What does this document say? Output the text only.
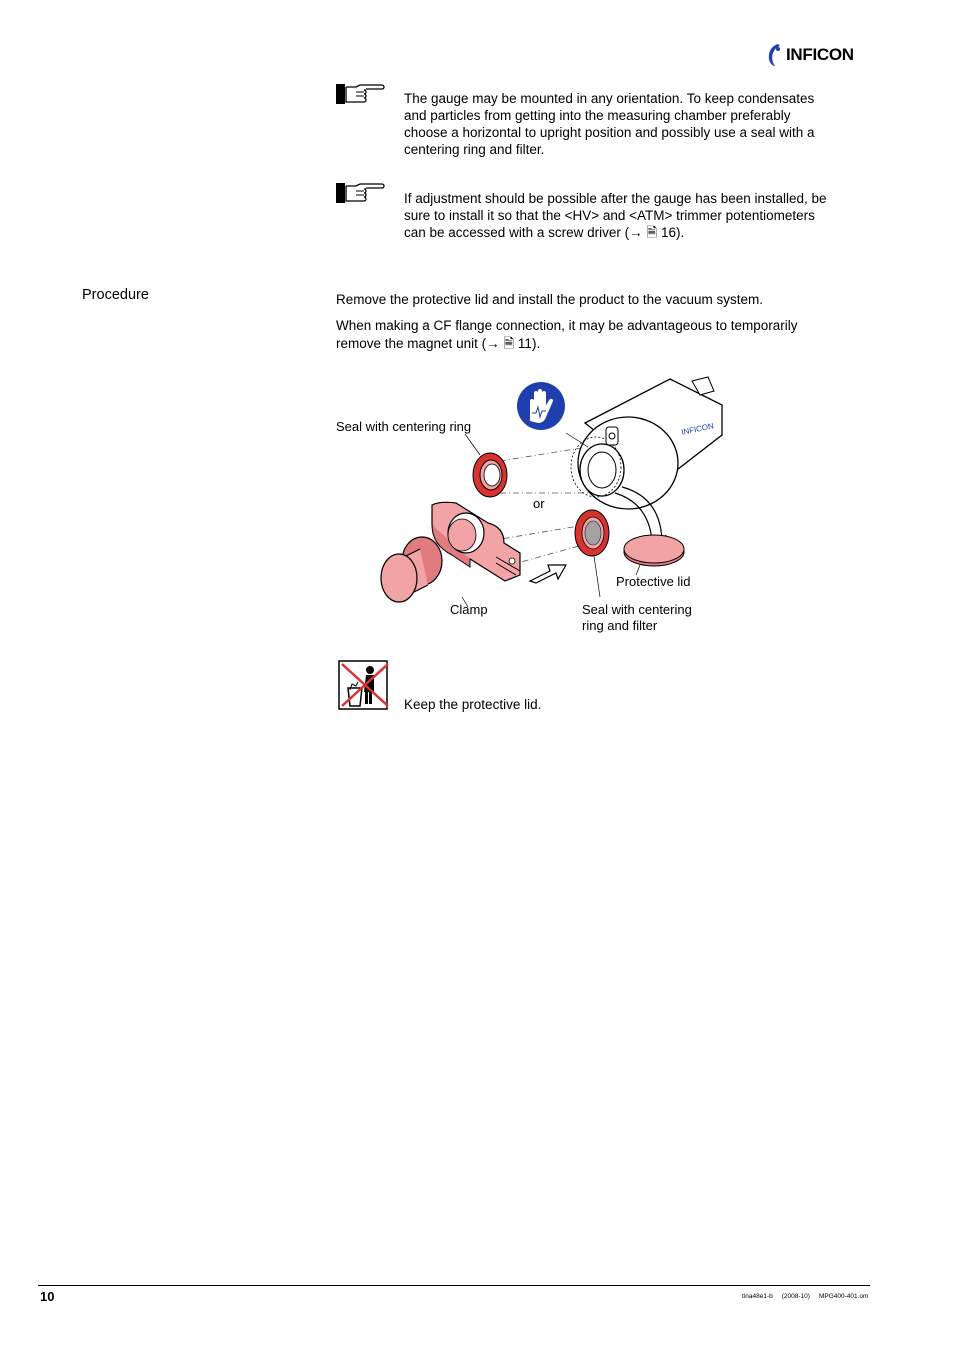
INFICON
The gauge may be mounted in any orientation. To keep condensates
and particles from getting into the measuring chamber preferably
choose a horizontal to upright position and possibly use a seal with a
centering ring and filter.
If adjustment should be possible after the gauge has been installed, be
sure to install it so that the <HV> and <ATM> trimmer potentiometers
can be accessed with a screw driver (→ 🗎 16).
Procedure	Remove the protective lid and install the product to the vacuum system.
When making a CF flange connection, it may be advantageous to temporarily
remove the magnet unit (→ 🗎 11).
INFICON
Seal with centering ring
or
Protective lid
Clamp	Seal with centering
ring and filter
Keep the protective lid.
10	tina48e1-b     (2008-10)     MPG400-401.om
